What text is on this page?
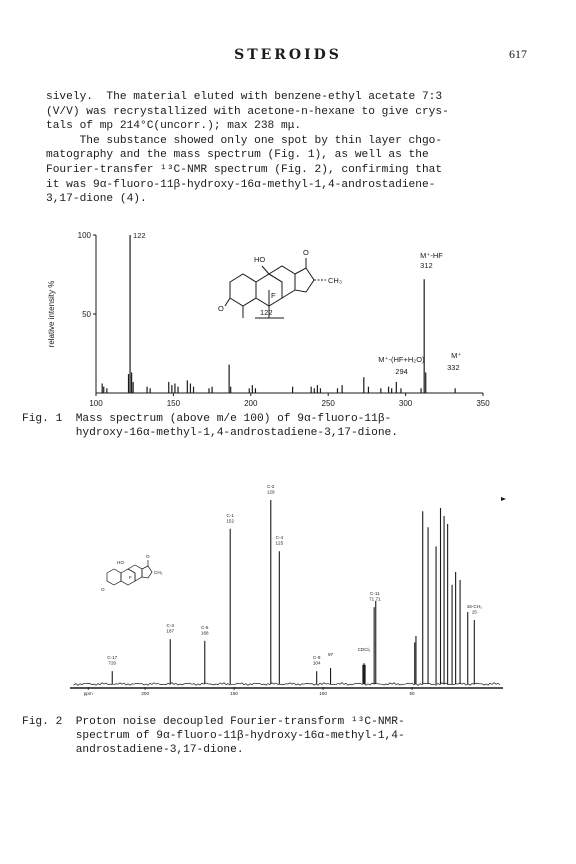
STEROIDS	617
sively.  The material eluted with benzene-ethyl acetate 7:3
(V/V) was recrystallized with acetone-n-hexane to give crys-
tals of mp 214°C(uncorr.); max 238 mμ.
The substance showed only one spot by thin layer chgo-
matography and the mass spectrum (Fig. 1), as well as the
Fourier-transfer ¹³C-NMR spectrum (Fig. 2), confirming that
it was 9α-fluoro-11β-hydroxy-16α-methyl-1,4-androstadiene-
3,17-dione (4).
HO
O
CH₃
F
O	122
100	150	200	250	300	350
100
50
relative intensity %
122
M⁺-HF
312
M⁺-(HF+H₂O)
294
M⁺
332
Fig. 1  Mass spectrum (above m/e 100) of 9α-fluoro-11β-
hydroxy-16α-methyl-1,4-androstadiene-3,17-dione.
HO
O
CH₃
F
O
ppm	200	150	100	50
C-17
720
C-3
187
C-5
168
C-1
152
C-2
129
C-4
125
C-9
104
97
CDCl₃
C-11
71 71
16-CH₃
15
Fig. 2  Proton noise decoupled Fourier-transform ¹³C-NMR-
spectrum of 9α-fluoro-11β-hydroxy-16α-methyl-1,4-
androstadiene-3,17-dione.
